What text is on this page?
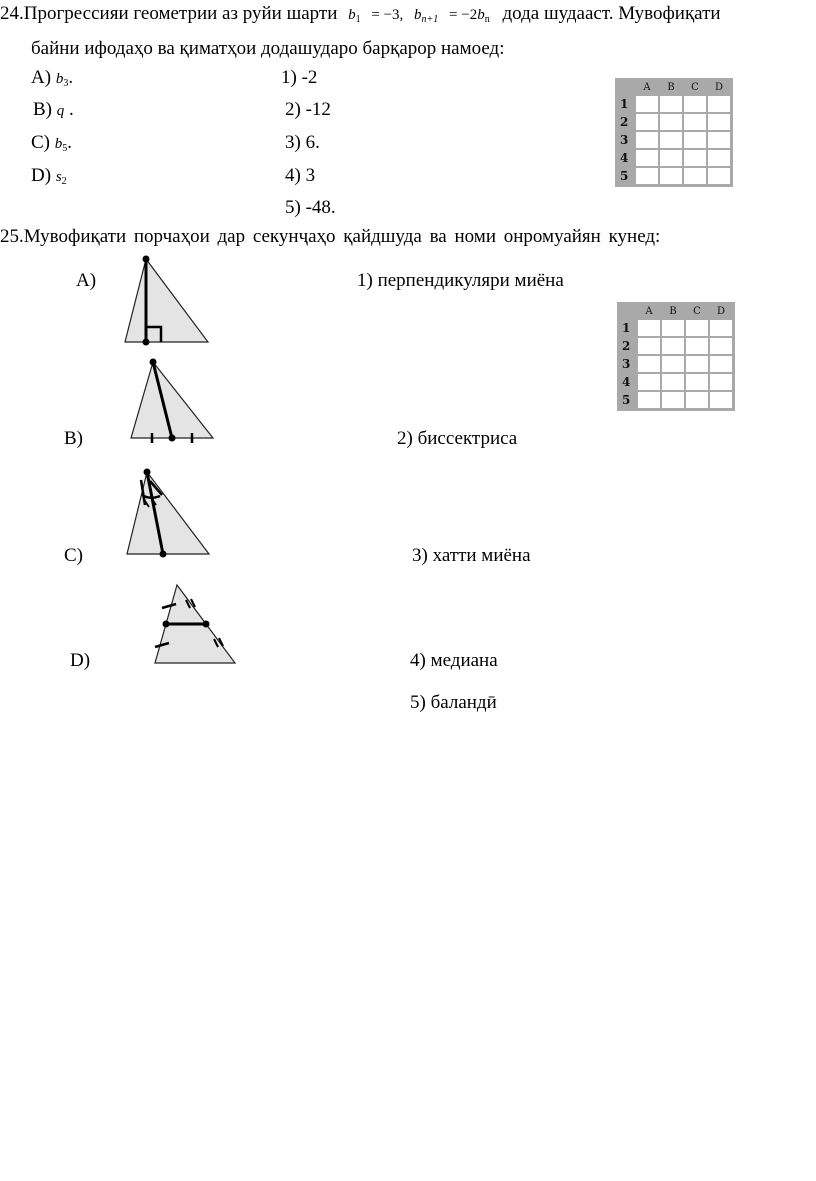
24.Прогрессияи геометрии аз руйи шарти $b_1 = -3$, $b_{n+1} = -2b_n$ дода шудааст. Мувофиқати
байни ифодаҳо ва қиматҳои додашударо барқарор намоед:
A) $b_3$.
B) q .
C) $b_5$.
D) $s_2$
1) -2
2) -12
3) 6.
4) 3
5) -48.
A	B	C	D
1
2
3
4
5
25.Мувофиқати порчаҳои дар секунҷаҳо қайдшуда ва номи онромуайян кунед:
A)
B)
C)
D)
1) перпендикуляри миёна
2) биссектриса
3) хатти миёна
4) медиана
5) баландӣ
A	B	C	D
1
2
3
4
5
